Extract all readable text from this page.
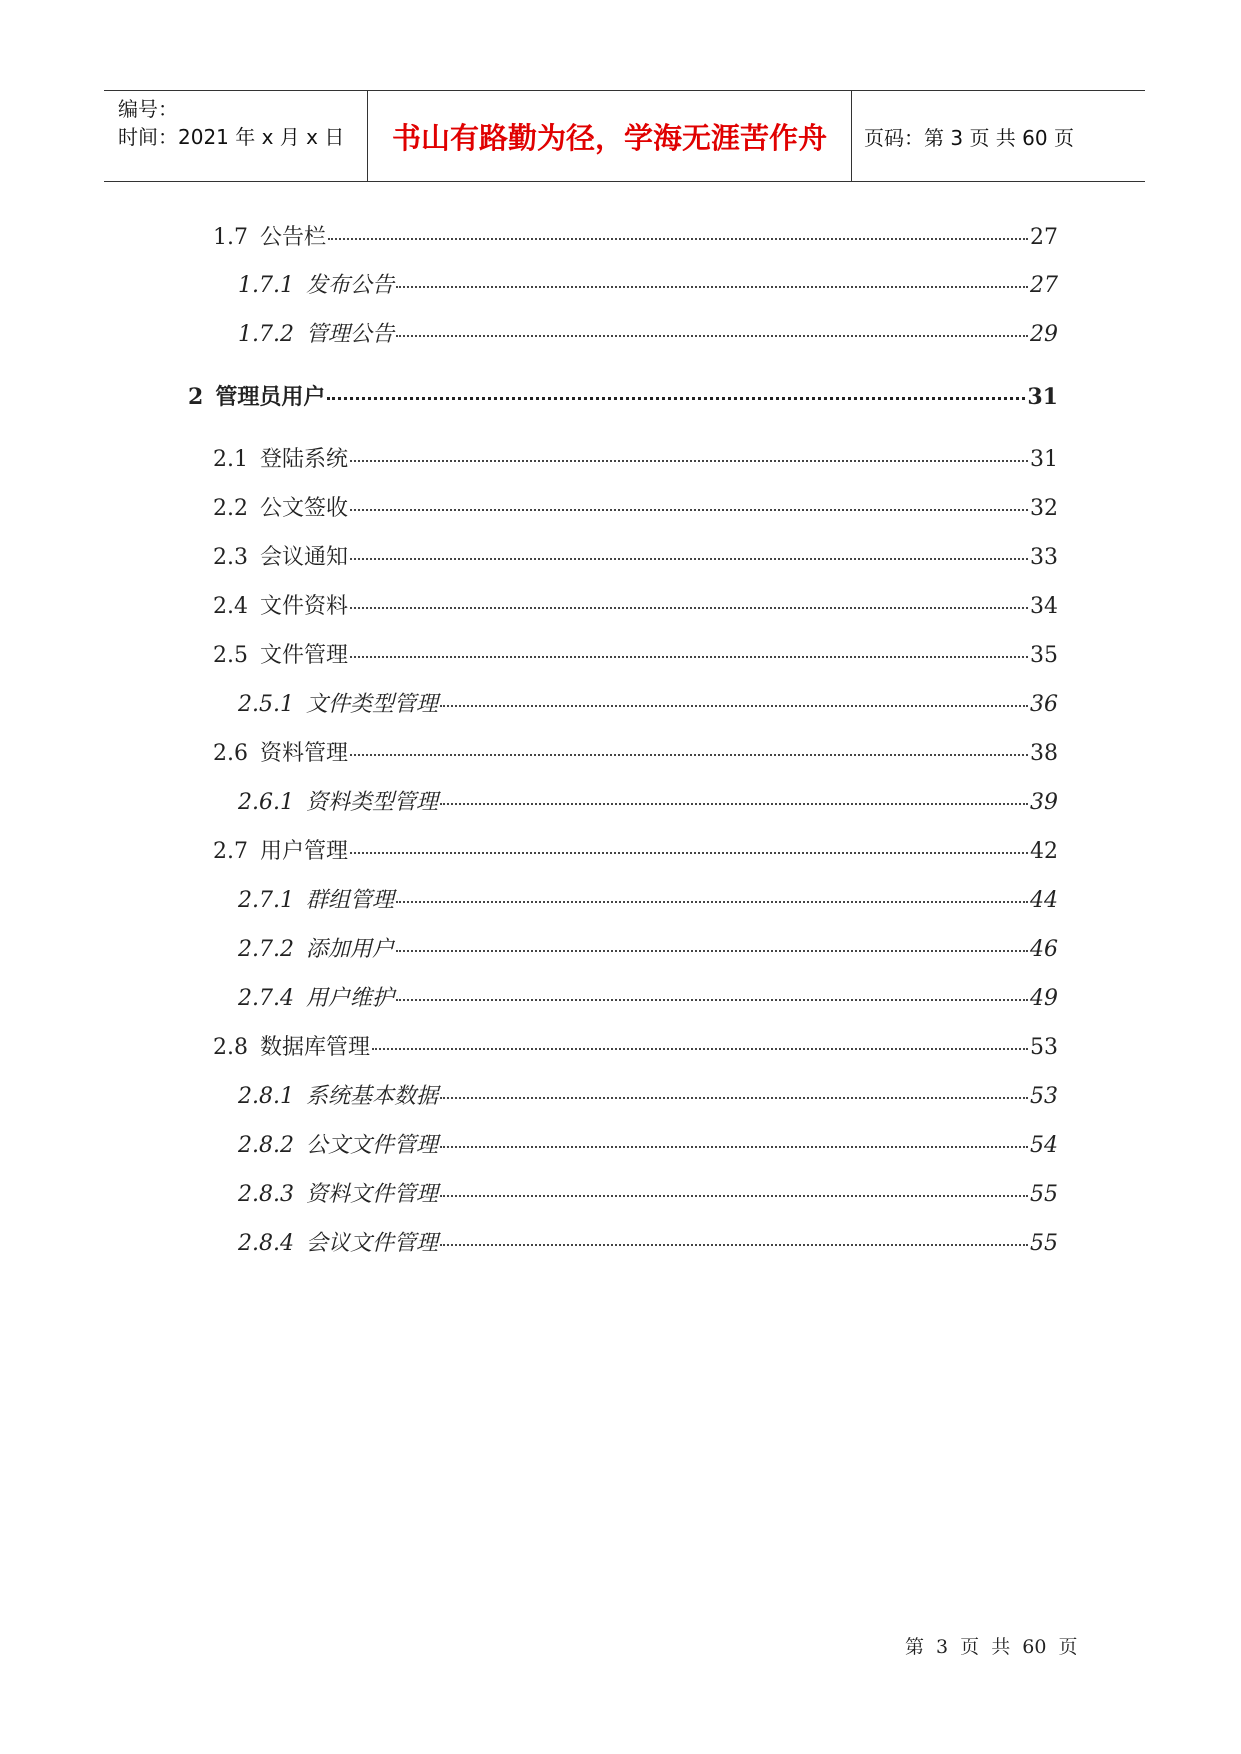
编号：
时间：2021 年 x 月 x 日	书山有路勤为径，学海无涯苦作舟	页码：第 3 页 共 60 页
1.7 公告栏	27
1.7.1 发布公告	27
1.7.2 管理公告	29
2 管理员用户	31
2.1 登陆系统	31
2.2 公文签收	32
2.3 会议通知	33
2.4 文件资料	34
2.5 文件管理	35
2.5.1 文件类型管理	36
2.6 资料管理	38
2.6.1 资料类型管理	39
2.7 用户管理	42
2.7.1 群组管理	44
2.7.2 添加用户	46
2.7.4 用户维护	49
2.8 数据库管理	53
2.8.1 系统基本数据	53
2.8.2 公文文件管理	54
2.8.3 资料文件管理	55
2.8.4 会议文件管理	55
第 3 页 共 60 页
